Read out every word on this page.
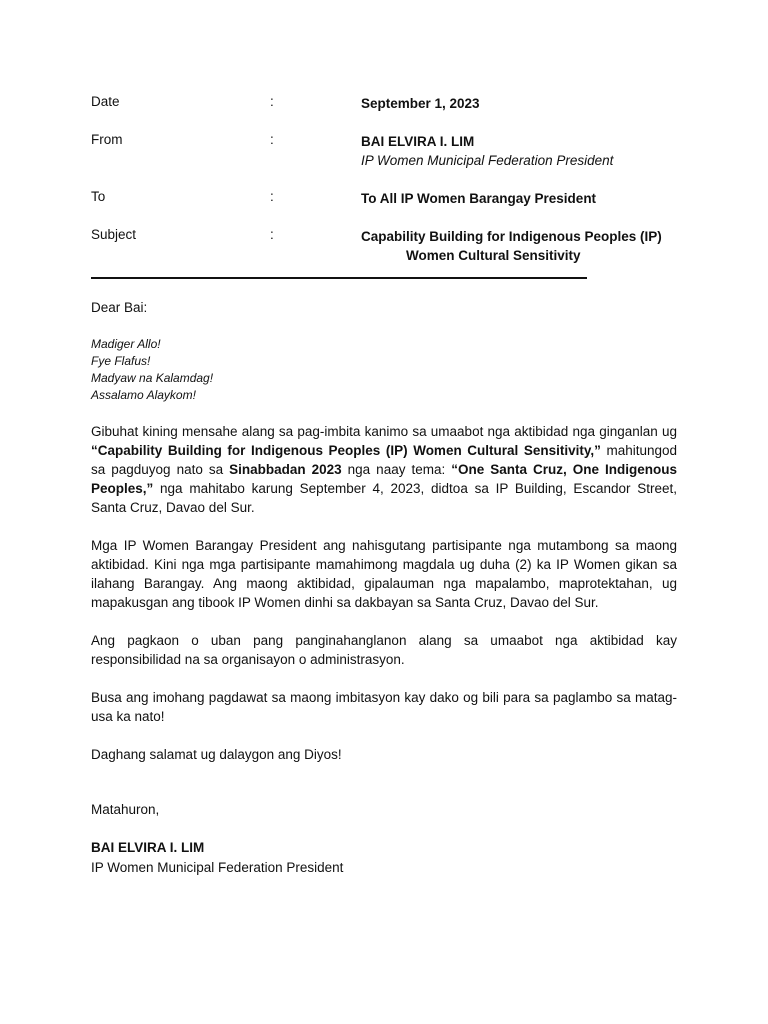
Date	:	September 1, 2023
From	:	BAI ELVIRA I. LIM
IP Women Municipal Federation President
To	:	To All IP Women Barangay President
Subject	:	Capability Building for Indigenous Peoples (IP)
Women Cultural Sensitivity
Dear Bai:
Madiger Allo!
Fye Flafus!
Madyaw na Kalamdag!
Assalamo Alaykom!
Gibuhat kining mensahe alang sa pag-imbita kanimo sa umaabot nga aktibidad nga ginganlan ug “Capability Building for Indigenous Peoples (IP) Women Cultural Sensitivity,” mahitungod sa pagduyog nato sa Sinabbadan 2023 nga naay tema: “One Santa Cruz, One Indigenous Peoples,” nga mahitabo karung September 4, 2023, didtoa sa IP Building, Escandor Street, Santa Cruz, Davao del Sur.
Mga IP Women Barangay President ang nahisgutang partisipante nga mutambong sa maong aktibidad. Kini nga mga partisipante mamahimong magdala ug duha (2) ka IP Women gikan sa ilahang Barangay. Ang maong aktibidad, gipalauman nga mapalambo, maprotektahan, ug mapakusgan ang tibook IP Women dinhi sa dakbayan sa Santa Cruz, Davao del Sur.
Ang pagkaon o uban pang panginahanglanon alang sa umaabot nga aktibidad kay responsibilidad na sa organisayon o administrasyon.
Busa ang imohang pagdawat sa maong imbitasyon kay dako og bili para sa paglambo sa matag-usa ka nato!
Daghang salamat ug dalaygon ang Diyos!
Matahuron,
BAI ELVIRA I. LIM
IP Women Municipal Federation President
